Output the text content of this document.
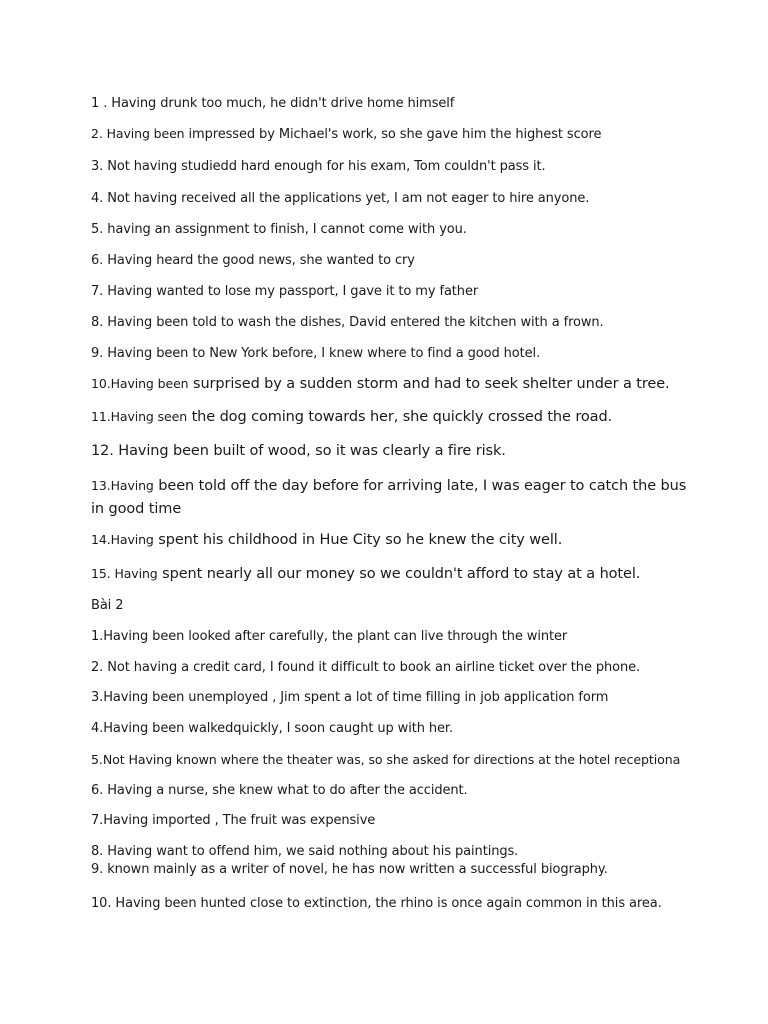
1 . Having drunk too much, he didn't drive home himself
2. Having been impressed by Michael's work, so she gave him the highest score
3. Not having studiedd hard enough for his exam, Tom couldn't pass it.
4. Not having received all the applications yet, I am not eager to hire anyone.
5. having an assignment to finish, I cannot come with you.
6. Having heard the good news, she wanted to cry
7. Having wanted to lose my passport, I gave it to my father
8. Having been told to wash the dishes, David entered the kitchen with a frown.
9. Having been to New York before, I knew where to find a good hotel.
10.Having been surprised by a sudden storm and had to seek shelter under a tree.
11.Having seen the dog coming towards her, she quickly crossed the road.
12. Having been built of wood, so it was clearly a fire risk.
13.Having been told off the day before for arriving late, I was eager to catch the bus in good time
14.Having spent his childhood in Hue City so he knew the city well.
15. Having spent nearly all our money so we couldn't afford to stay at a hotel.
Bài 2
1.Having been looked after carefully, the plant can live through the winter
2. Not having a credit card, I found it difficult to book an airline ticket over the phone.
3.Having been unemployed , Jim spent a lot of time filling in job application form
4.Having been walkedquickly, I soon caught up with her.
5.Not Having known where the theater was, so she asked for directions at the hotel receptiona
6. Having a nurse, she knew what to do after the accident.
7.Having imported , The fruit was expensive
8. Having want to offend him, we said nothing about his paintings.
9. known mainly as a writer of novel, he has now written a successful biography.
10. Having been hunted close to extinction, the rhino is once again common in this area.
